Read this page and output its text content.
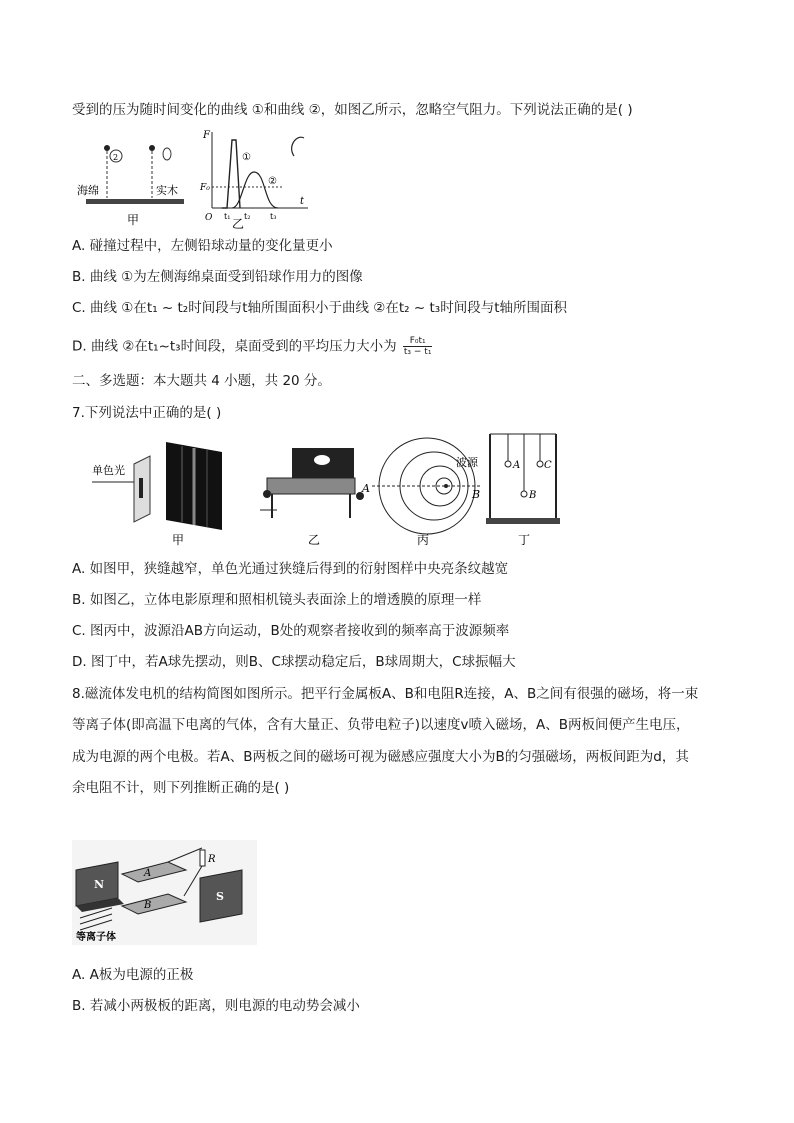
受到的压为随时间变化的曲线 ①和曲线 ②，如图乙所示，忽略空气阻力。下列说法正确的是( )
2
海绵	实木
甲
F
t
F₀
O
①
②
t₁ t₂ t₃
乙
A. 碰撞过程中，左侧铅球动量的变化量更小
B. 曲线 ①为左侧海绵桌面受到铅球作用力的图像
C. 曲线 ①在t₁ ~ t₂时间段与t轴所围面积小于曲线 ②在t₂ ~ t₃时间段与t轴所围面积
D. 曲线 ②在t₁~t₃时间段，桌面受到的平均压力大小为 $\frac{\text{F₀t₁}}{\text{t₃ − t₁}}$
二、多选题：本大题共 4 小题，共 20 分。
7.下列说法中正确的是( )
单色光
甲	乙
A	B
波源
丙
A
B
C
丁
A. 如图甲，狭缝越窄，单色光通过狭缝后得到的衍射图样中央亮条纹越宽
B. 如图乙，立体电影原理和照相机镜头表面涂上的增透膜的原理一样
C. 图丙中，波源沿AB方向运动，B处的观察者接收到的频率高于波源频率
D. 图丁中，若A球先摆动，则B、C球摆动稳定后，B球周期大，C球振幅大
8.磁流体发电机的结构简图如图所示。把平行金属板A、B和电阻R连接，A、B之间有很强的磁场，将一束
等离子体(即高温下电离的气体，含有大量正、负带电粒子)以速度v喷入磁场，A、B两板间便产生电压，
成为电源的两个电极。若A、B两板之间的磁场可视为磁感应强度大小为B的匀强磁场，两板间距为d，其
余电阻不计，则下列推断正确的是( )
N
S
A
B
R
等离子体
A. A板为电源的正极
B. 若减小两极板的距离，则电源的电动势会减小
